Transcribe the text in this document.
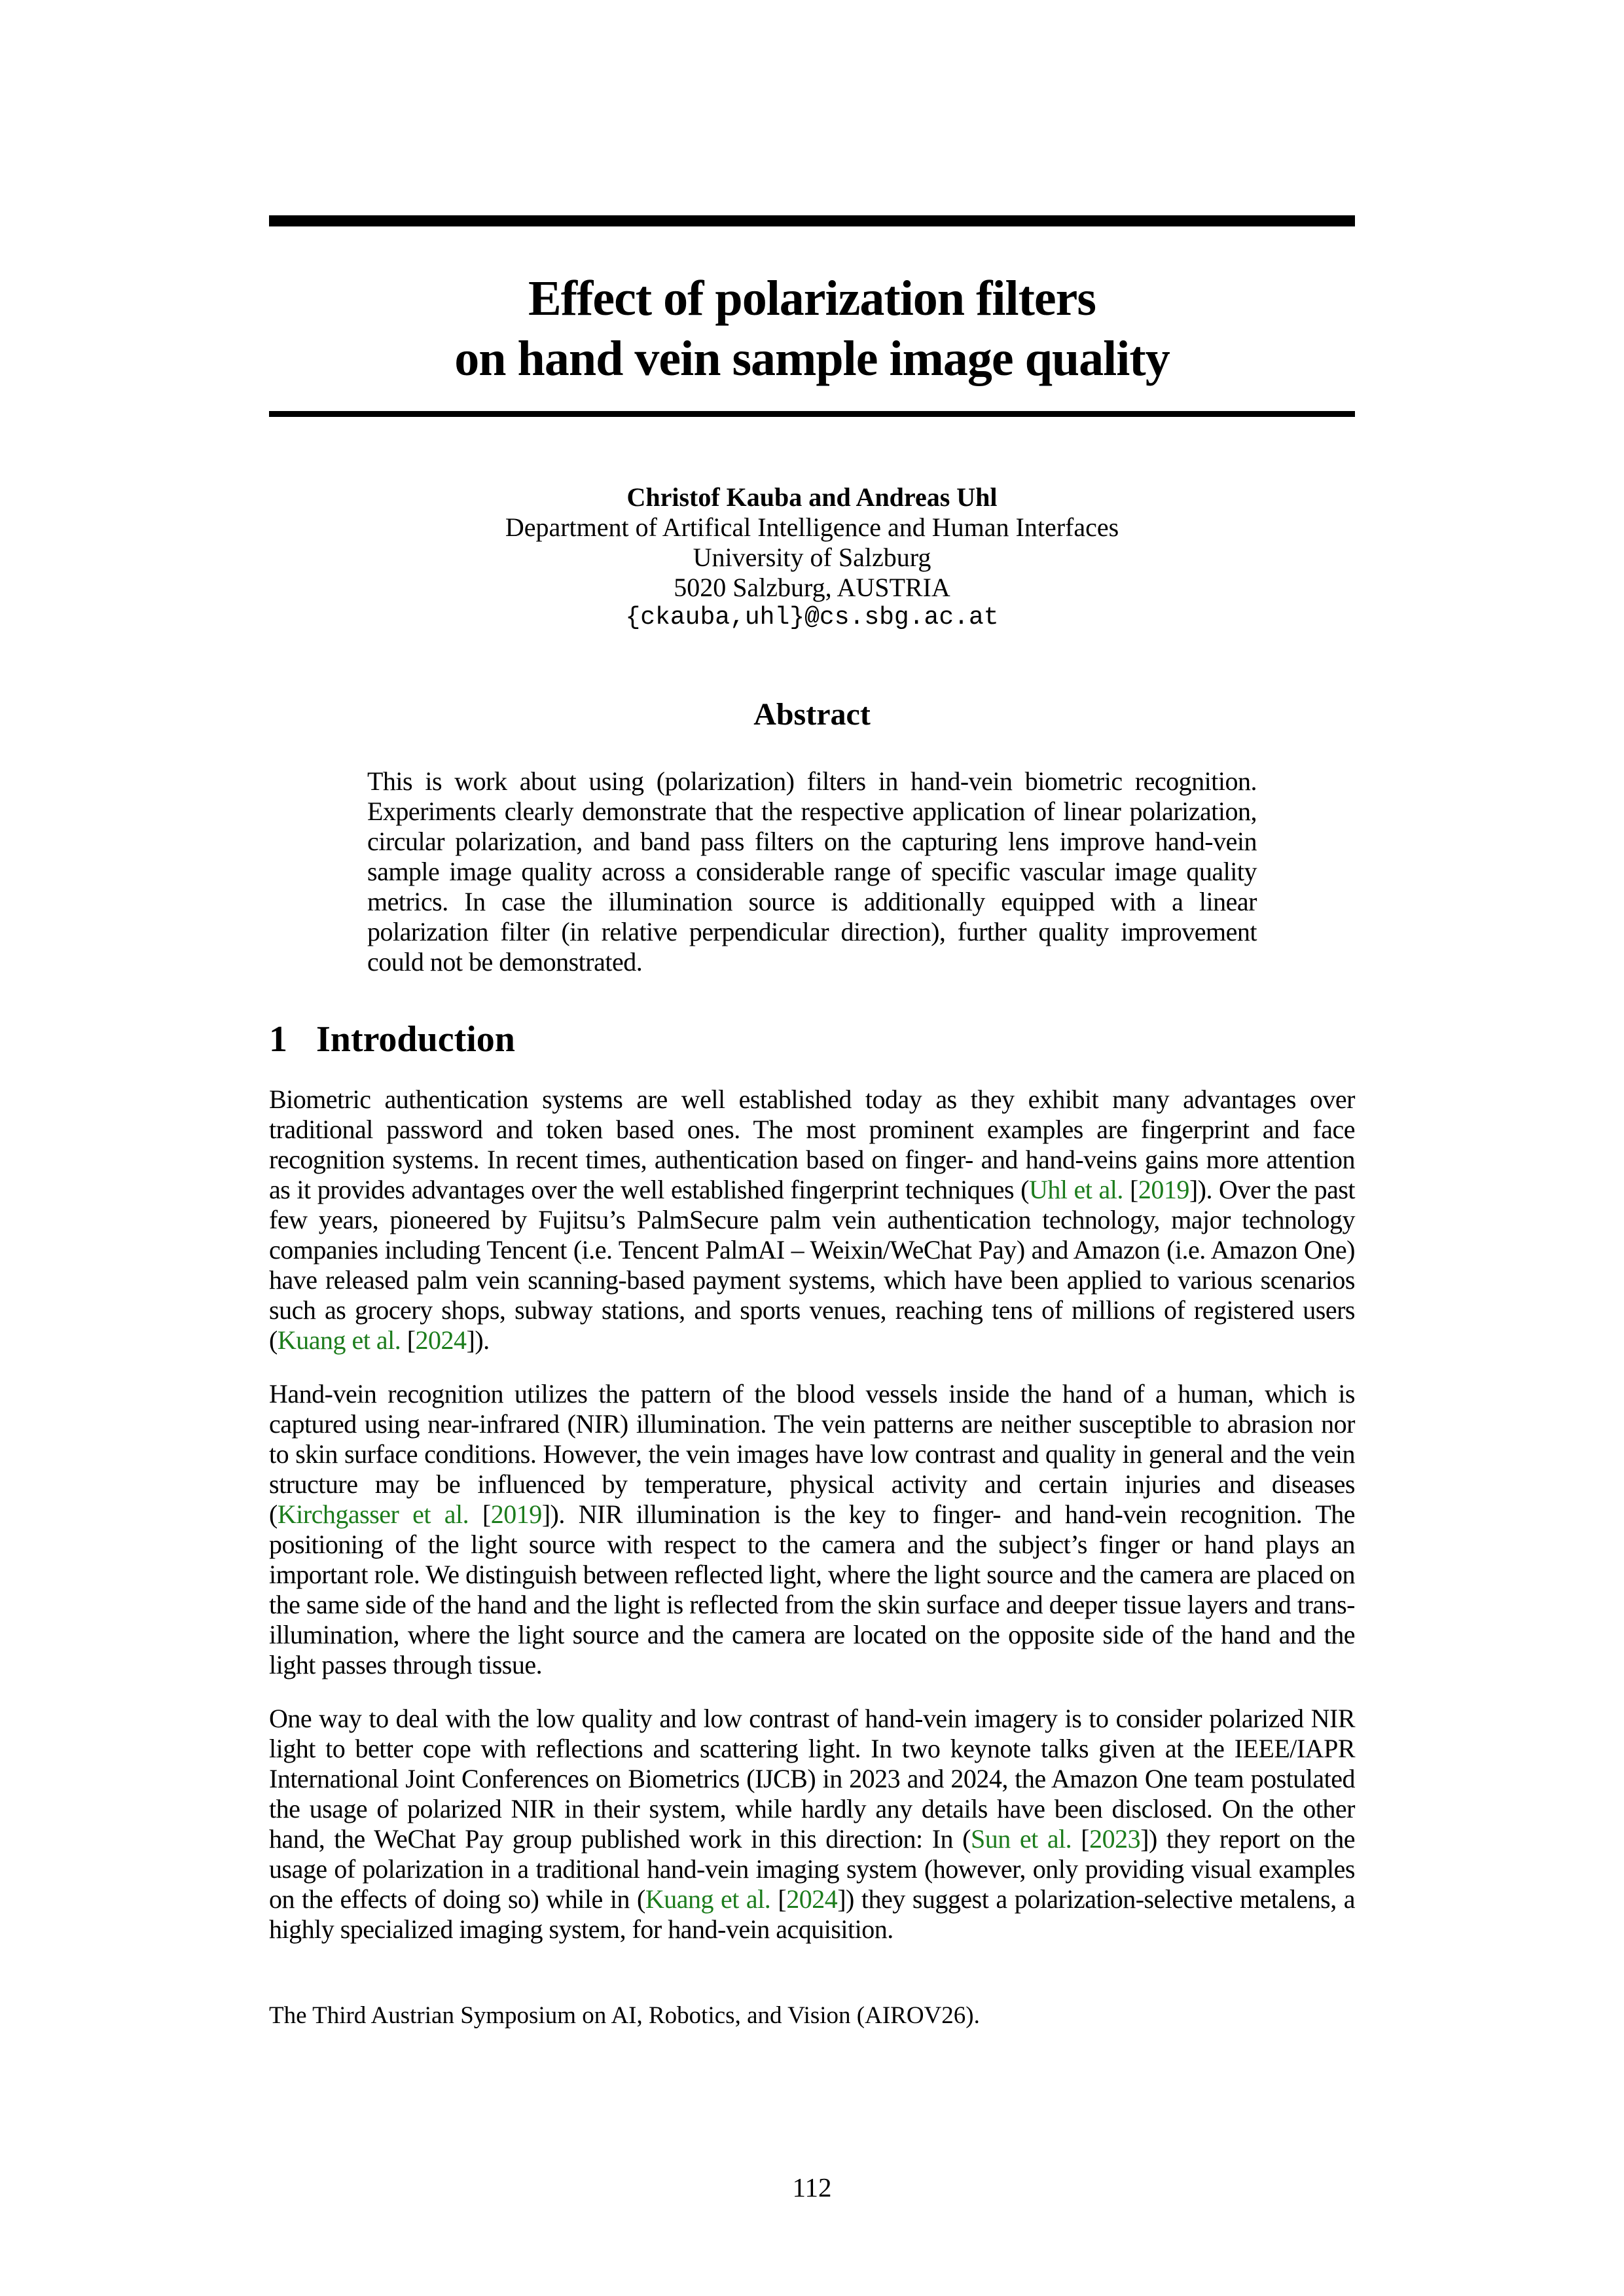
Effect of polarization filters
on hand vein sample image quality
Christof Kauba and Andreas Uhl
Department of Artifical Intelligence and Human Interfaces
University of Salzburg
5020 Salzburg, AUSTRIA
{ckauba,uhl}@cs.sbg.ac.at
Abstract

This is work about using (polarization) filters in hand-vein biometric recognition. Experiments clearly demonstrate that the respective application of linear polarization, circular polarization, and band pass filters on the capturing lens improve hand-vein sample image quality across a considerable range of specific vascular image quality metrics. In case the illumination source is additionally equipped with a linear polarization filter (in relative perpendicular direction), further quality improvement could not be demonstrated.

1 Introduction

Biometric authentication systems are well established today as they exhibit many advantages over traditional password and token based ones. The most prominent examples are fingerprint and face recognition systems. In recent times, authentication based on finger- and hand-veins gains more attention as it provides advantages over the well established fingerprint techniques (Uhl et al. [2019]). Over the past few years, pioneered by Fujitsu’s PalmSecure palm vein authentication technology, major technology companies including Tencent (i.e. Tencent PalmAI – Weixin/WeChat Pay) and Amazon (i.e. Amazon One) have released palm vein scanning-based payment systems, which have been applied to various scenarios such as grocery shops, subway stations, and sports venues, reaching tens of millions of registered users (Kuang et al. [2024]).

Hand-vein recognition utilizes the pattern of the blood vessels inside the hand of a human, which is captured using near-infrared (NIR) illumination. The vein patterns are neither susceptible to abrasion nor to skin surface conditions. However, the vein images have low contrast and quality in general and the vein structure may be influenced by temperature, physical activity and certain injuries and diseases (Kirchgasser et al. [2019]). NIR illumination is the key to finger- and hand-vein recognition. The positioning of the light source with respect to the camera and the subject’s finger or hand plays an important role. We distinguish between reflected light, where the light source and the camera are placed on the same side of the hand and the light is reflected from the skin surface and deeper tissue layers and trans-illumination, where the light source and the camera are located on the opposite side of the hand and the light passes through tissue.

One way to deal with the low quality and low contrast of hand-vein imagery is to consider polarized NIR light to better cope with reflections and scattering light. In two keynote talks given at the IEEE/IAPR International Joint Conferences on Biometrics (IJCB) in 2023 and 2024, the Amazon One team postulated the usage of polarized NIR in their system, while hardly any details have been disclosed. On the other hand, the WeChat Pay group published work in this direction: In (Sun et al. [2023]) they report on the usage of polarization in a traditional hand-vein imaging system (however, only providing visual examples on the effects of doing so) while in (Kuang et al. [2024]) they suggest a polarization-selective metalens, a highly specialized imaging system, for hand-vein acquisition.

The Third Austrian Symposium on AI, Robotics, and Vision (AIROV26).
112
